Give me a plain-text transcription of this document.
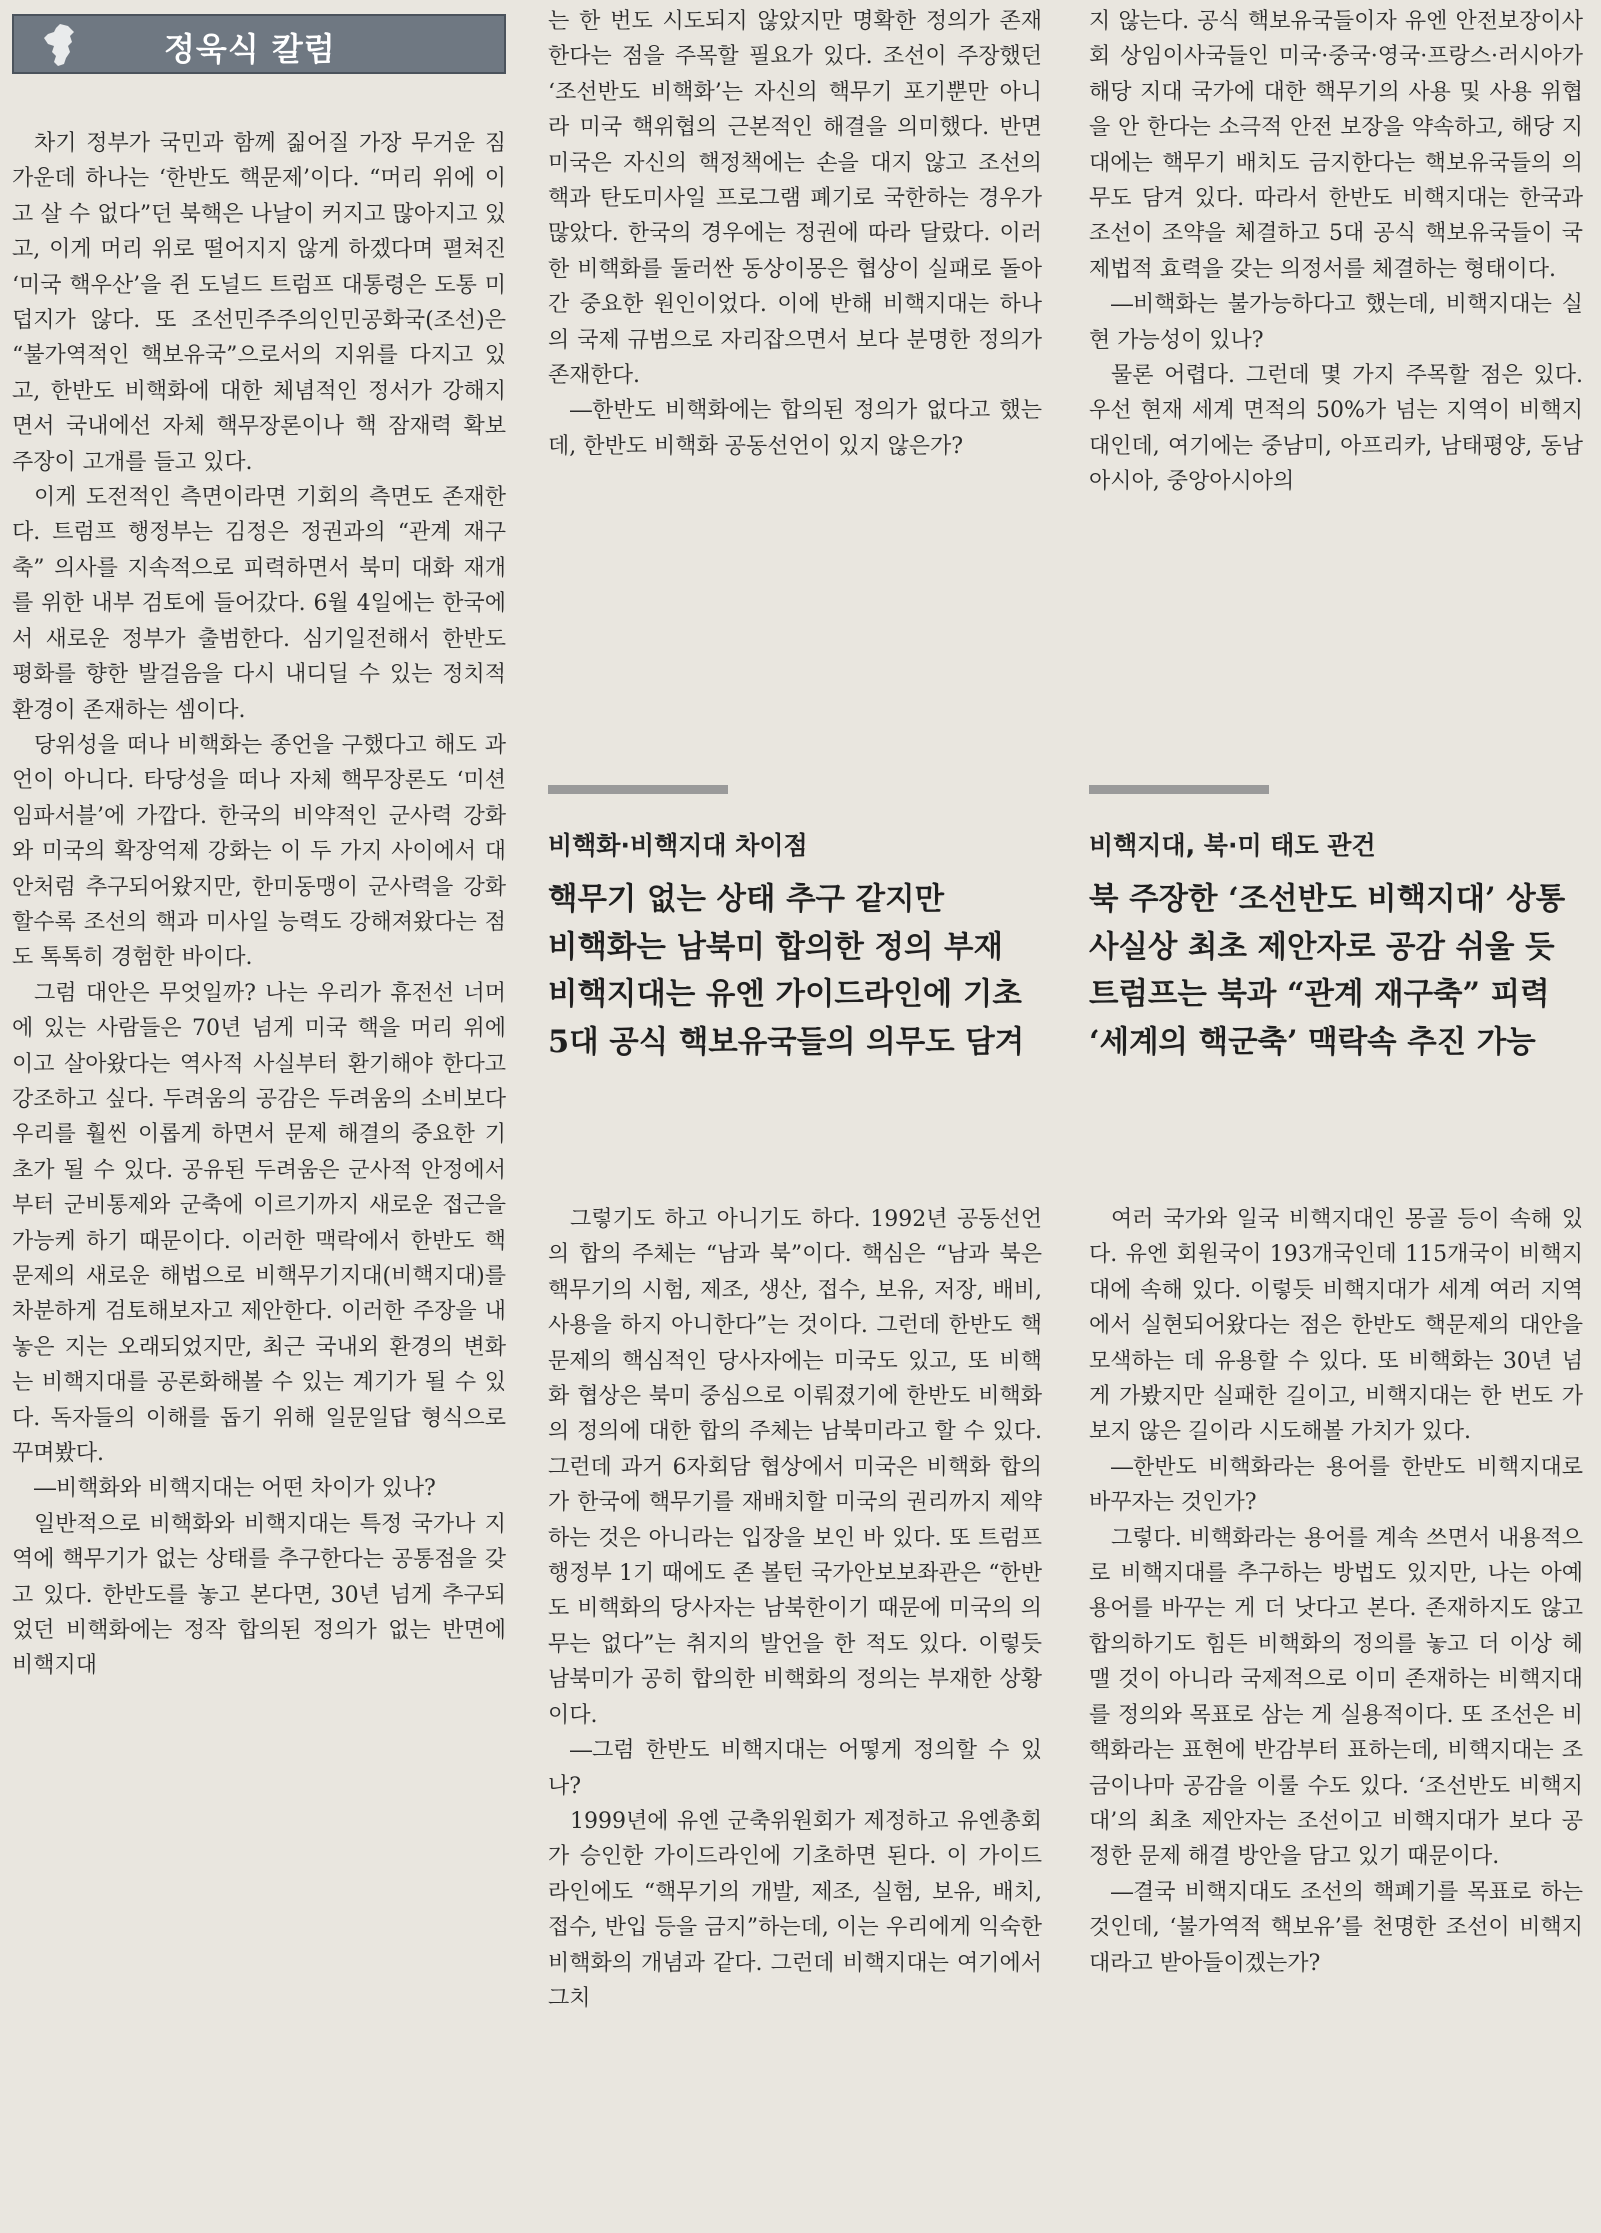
정욱식 칼럼

차기 정부가 국민과 함께 짊어질 가장 무거운 짐 가운데 하나는 ‘한반도 핵문제’이다. “머리 위에 이고 살 수 없다”던 북핵은 나날이 커지고 많아지고 있고, 이게 머리 위로 떨어지지 않게 하겠다며 펼쳐진 ‘미국 핵우산’을 쥔 도널드 트럼프 대통령은 도통 미덥지가 않다. 또 조선민주주의인민공화국(조선)은 “불가역적인 핵보유국”으로서의 지위를 다지고 있고, 한반도 비핵화에 대한 체념적인 정서가 강해지면서 국내에선 자체 핵무장론이나 핵 잠재력 확보 주장이 고개를 들고 있다.

이게 도전적인 측면이라면 기회의 측면도 존재한다. 트럼프 행정부는 김정은 정권과의 “관계 재구축” 의사를 지속적으로 피력하면서 북미 대화 재개를 위한 내부 검토에 들어갔다. 6월 4일에는 한국에서 새로운 정부가 출범한다. 심기일전해서 한반도 평화를 향한 발걸음을 다시 내디딜 수 있는 정치적 환경이 존재하는 셈이다.

당위성을 떠나 비핵화는 종언을 구했다고 해도 과언이 아니다. 타당성을 떠나 자체 핵무장론도 ‘미션 임파서블’에 가깝다. 한국의 비약적인 군사력 강화와 미국의 확장억제 강화는 이 두 가지 사이에서 대안처럼 추구되어왔지만, 한미동맹이 군사력을 강화할수록 조선의 핵과 미사일 능력도 강해져왔다는 점도 톡톡히 경험한 바이다.

그럼 대안은 무엇일까? 나는 우리가 휴전선 너머에 있는 사람들은 70년 넘게 미국 핵을 머리 위에 이고 살아왔다는 역사적 사실부터 환기해야 한다고 강조하고 싶다. 두려움의 공감은 두려움의 소비보다 우리를 훨씬 이롭게 하면서 문제 해결의 중요한 기초가 될 수 있다. 공유된 두려움은 군사적 안정에서부터 군비통제와 군축에 이르기까지 새로운 접근을 가능케 하기 때문이다. 이러한 맥락에서 한반도 핵문제의 새로운 해법으로 비핵무기지대(비핵지대)를 차분하게 검토해보자고 제안한다. 이러한 주장을 내놓은 지는 오래되었지만, 최근 국내외 환경의 변화는 비핵지대를 공론화해볼 수 있는 계기가 될 수 있다. 독자들의 이해를 돕기 위해 일문일답 형식으로 꾸며봤다.

―비핵화와 비핵지대는 어떤 차이가 있나?

일반적으로 비핵화와 비핵지대는 특정 국가나 지역에 핵무기가 없는 상태를 추구한다는 공통점을 갖고 있다. 한반도를 놓고 본다면, 30년 넘게 추구되었던 비핵화에는 정작 합의된 정의가 없는 반면에 비핵지대

는 한 번도 시도되지 않았지만 명확한 정의가 존재한다는 점을 주목할 필요가 있다. 조선이 주장했던 ‘조선반도 비핵화’는 자신의 핵무기 포기뿐만 아니라 미국 핵위협의 근본적인 해결을 의미했다. 반면 미국은 자신의 핵정책에는 손을 대지 않고 조선의 핵과 탄도미사일 프로그램 폐기로 국한하는 경우가 많았다. 한국의 경우에는 정권에 따라 달랐다. 이러한 비핵화를 둘러싼 동상이몽은 협상이 실패로 돌아간 중요한 원인이었다. 이에 반해 비핵지대는 하나의 국제 규범으로 자리잡으면서 보다 분명한 정의가 존재한다.

―한반도 비핵화에는 합의된 정의가 없다고 했는데, 한반도 비핵화 공동선언이 있지 않은가?

지 않는다. 공식 핵보유국들이자 유엔 안전보장이사회 상임이사국들인 미국·중국·영국·프랑스·러시아가 해당 지대 국가에 대한 핵무기의 사용 및 사용 위협을 안 한다는 소극적 안전 보장을 약속하고, 해당 지대에는 핵무기 배치도 금지한다는 핵보유국들의 의무도 담겨 있다. 따라서 한반도 비핵지대는 한국과 조선이 조약을 체결하고 5대 공식 핵보유국들이 국제법적 효력을 갖는 의정서를 체결하는 형태이다.

―비핵화는 불가능하다고 했는데, 비핵지대는 실현 가능성이 있나?

물론 어렵다. 그런데 몇 가지 주목할 점은 있다. 우선 현재 세계 면적의 50%가 넘는 지역이 비핵지대인데, 여기에는 중남미, 아프리카, 남태평양, 동남아시아, 중앙아시아의

비핵화·비핵지대 차이점
핵무기 없는 상태 추구 같지만
비핵화는 남북미 합의한 정의 부재
비핵지대는 유엔 가이드라인에 기초
5대 공식 핵보유국들의 의무도 담겨
비핵지대, 북·미 태도 관건
북 주장한 ‘조선반도 비핵지대’ 상통
사실상 최초 제안자로 공감 쉬울 듯
트럼프는 북과 “관계 재구축” 피력
‘세계의 핵군축’ 맥락속 추진 가능

그렇기도 하고 아니기도 하다. 1992년 공동선언의 합의 주체는 “남과 북”이다. 핵심은 “남과 북은 핵무기의 시험, 제조, 생산, 접수, 보유, 저장, 배비, 사용을 하지 아니한다”는 것이다. 그런데 한반도 핵문제의 핵심적인 당사자에는 미국도 있고, 또 비핵화 협상은 북미 중심으로 이뤄졌기에 한반도 비핵화의 정의에 대한 합의 주체는 남북미라고 할 수 있다. 그런데 과거 6자회담 협상에서 미국은 비핵화 합의가 한국에 핵무기를 재배치할 미국의 권리까지 제약하는 것은 아니라는 입장을 보인 바 있다. 또 트럼프 행정부 1기 때에도 존 볼턴 국가안보보좌관은 “한반도 비핵화의 당사자는 남북한이기 때문에 미국의 의무는 없다”는 취지의 발언을 한 적도 있다. 이렇듯 남북미가 공히 합의한 비핵화의 정의는 부재한 상황이다.

―그럼 한반도 비핵지대는 어떻게 정의할 수 있나?

1999년에 유엔 군축위원회가 제정하고 유엔총회가 승인한 가이드라인에 기초하면 된다. 이 가이드라인에도 “핵무기의 개발, 제조, 실험, 보유, 배치, 접수, 반입 등을 금지”하는데, 이는 우리에게 익숙한 비핵화의 개념과 같다. 그런데 비핵지대는 여기에서 그치

여러 국가와 일국 비핵지대인 몽골 등이 속해 있다. 유엔 회원국이 193개국인데 115개국이 비핵지대에 속해 있다. 이렇듯 비핵지대가 세계 여러 지역에서 실현되어왔다는 점은 한반도 핵문제의 대안을 모색하는 데 유용할 수 있다. 또 비핵화는 30년 넘게 가봤지만 실패한 길이고, 비핵지대는 한 번도 가보지 않은 길이라 시도해볼 가치가 있다.

―한반도 비핵화라는 용어를 한반도 비핵지대로 바꾸자는 것인가?

그렇다. 비핵화라는 용어를 계속 쓰면서 내용적으로 비핵지대를 추구하는 방법도 있지만, 나는 아예 용어를 바꾸는 게 더 낫다고 본다. 존재하지도 않고 합의하기도 힘든 비핵화의 정의를 놓고 더 이상 헤맬 것이 아니라 국제적으로 이미 존재하는 비핵지대를 정의와 목표로 삼는 게 실용적이다. 또 조선은 비핵화라는 표현에 반감부터 표하는데, 비핵지대는 조금이나마 공감을 이룰 수도 있다. ‘조선반도 비핵지대’의 최초 제안자는 조선이고 비핵지대가 보다 공정한 문제 해결 방안을 담고 있기 때문이다.

―결국 비핵지대도 조선의 핵폐기를 목표로 하는 것인데, ‘불가역적 핵보유’를 천명한 조선이 비핵지대라고 받아들이겠는가?
